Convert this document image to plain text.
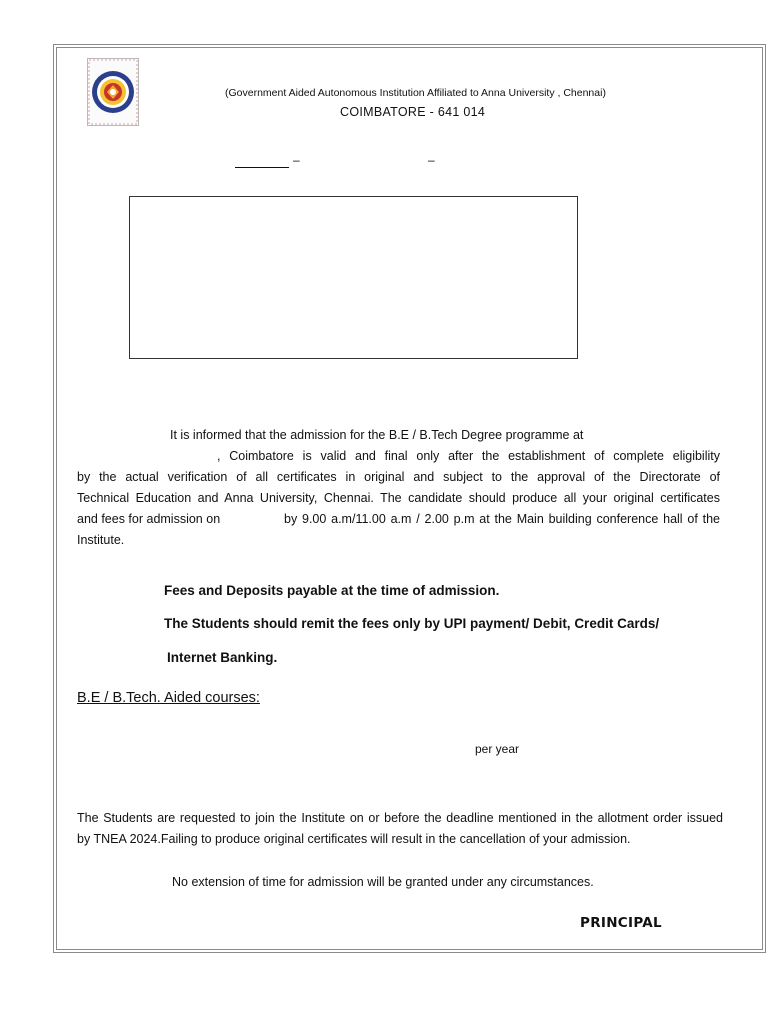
(Government Aided Autonomous Institution Affiliated to Anna University , Chennai)
COIMBATORE - 641 014
–	–
It is informed that the admission for the B.E / B.Tech Degree programme at
, Coimbatore is valid and final only after the establishment of complete eligibility
by the actual verification of all certificates in original and subject to the approval of the Directorate of
Technical Education and Anna University, Chennai. The candidate should produce all your original certificates
and fees for admission on	by 9.00 a.m/11.00 a.m / 2.00 p.m at the Main building conference hall of the
Institute.
Fees and Deposits payable at the time of admission.
The Students should remit the fees only by UPI payment/ Debit, Credit Cards/
Internet Banking.
B.E / B.Tech. Aided courses:
per year
The Students are requested to join the Institute on or before the deadline mentioned in the allotment order issued
by TNEA 2024.Failing to produce original certificates will result in the cancellation of your admission.
No extension of time for admission will be granted under any circumstances.
PRINCIPAL
